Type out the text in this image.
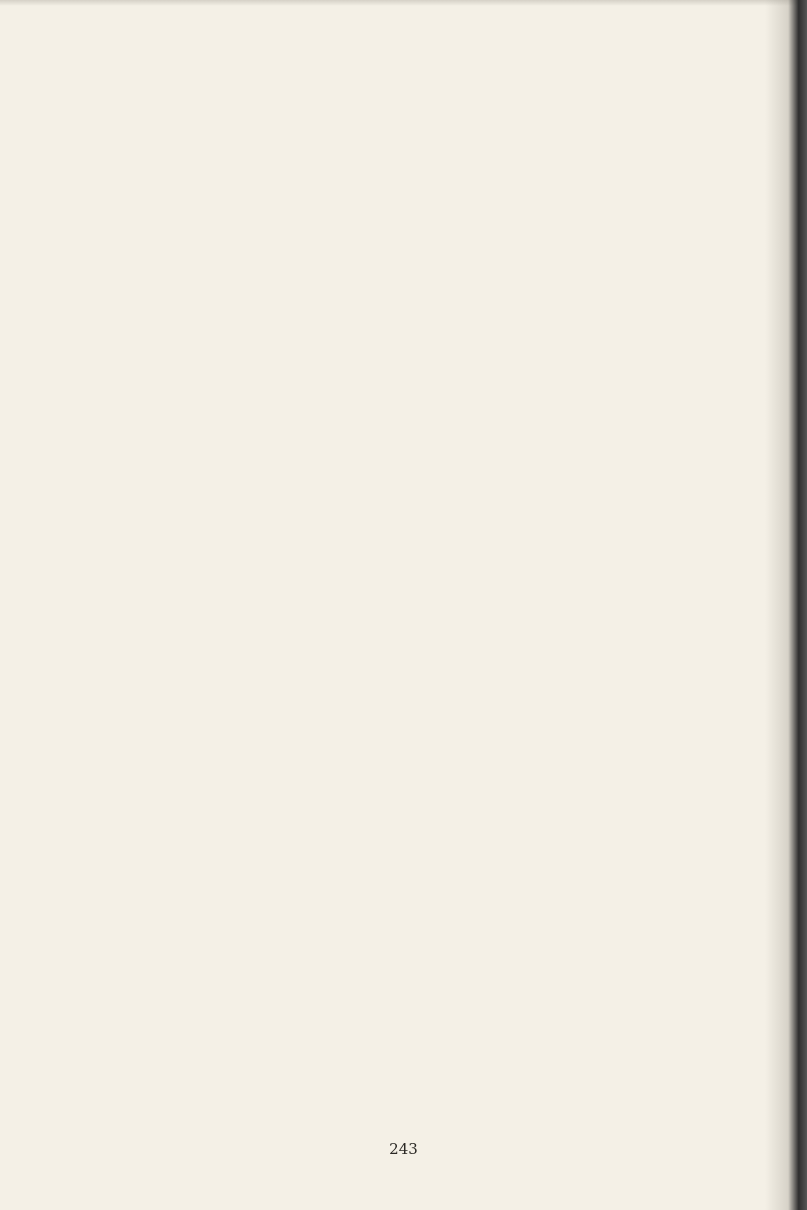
243
